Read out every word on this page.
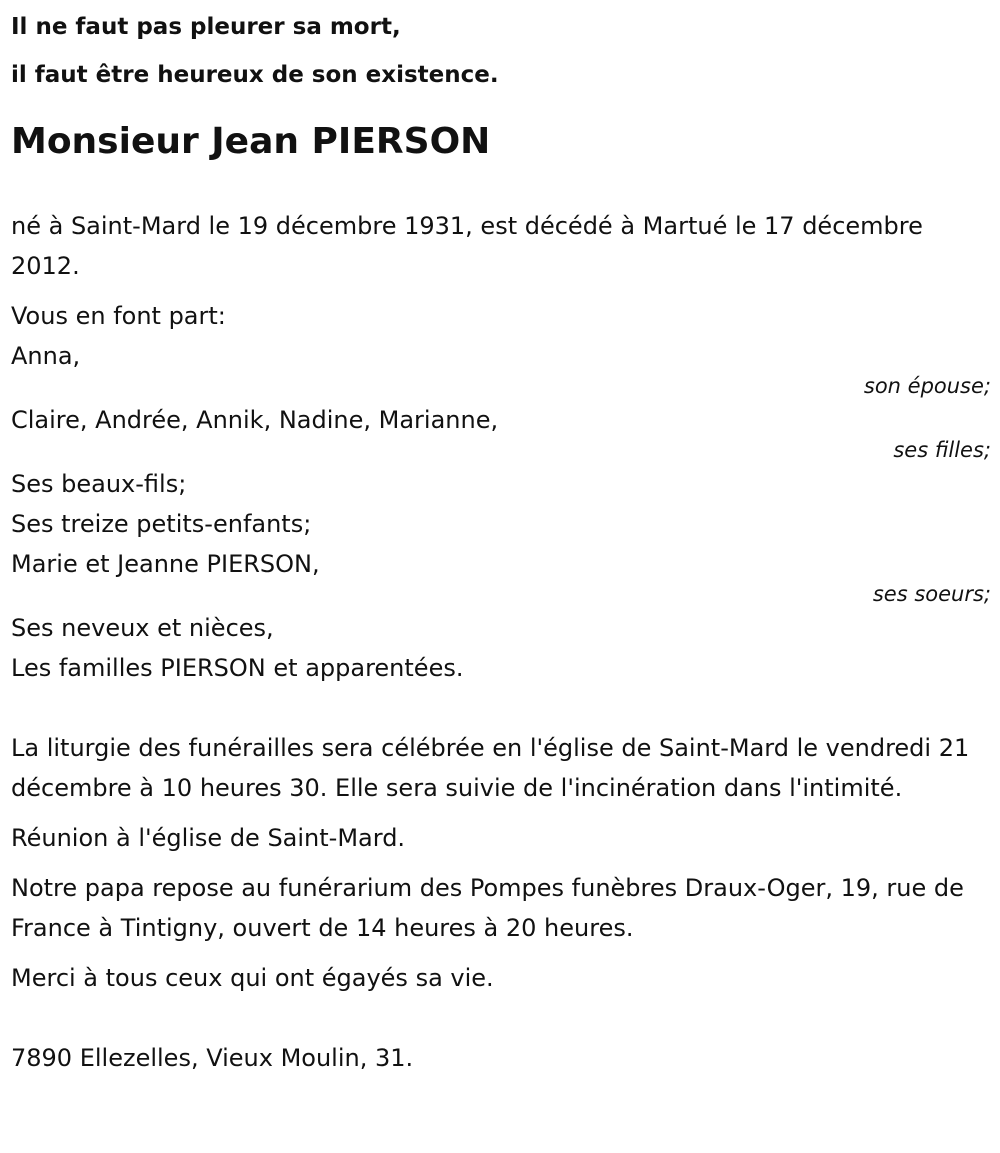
Il ne faut pas pleurer sa mort,
il faut être heureux de son existence.
Monsieur Jean PIERSON

né à Saint-Mard le 19 décembre 1931, est décédé à Martué le 17 décembre 2012.

Vous en font part:

Anna,

son épouse;

Claire, Andrée, Annik, Nadine, Marianne,

ses filles;

Ses beaux-fils;

Ses treize petits-enfants;

Marie et Jeanne PIERSON,

ses soeurs;

Ses neveux et nièces,

Les familles PIERSON et apparentées.

La liturgie des funérailles sera célébrée en l'église de Saint-Mard le vendredi 21 décembre à 10 heures 30. Elle sera suivie de l'incinération dans l'intimité.

Réunion à l'église de Saint-Mard.

Notre papa repose au funérarium des Pompes funèbres Draux-Oger, 19, rue de France à Tintigny, ouvert de 14 heures à 20 heures.

Merci à tous ceux qui ont égayés sa vie.

7890 Ellezelles, Vieux Moulin, 31.
